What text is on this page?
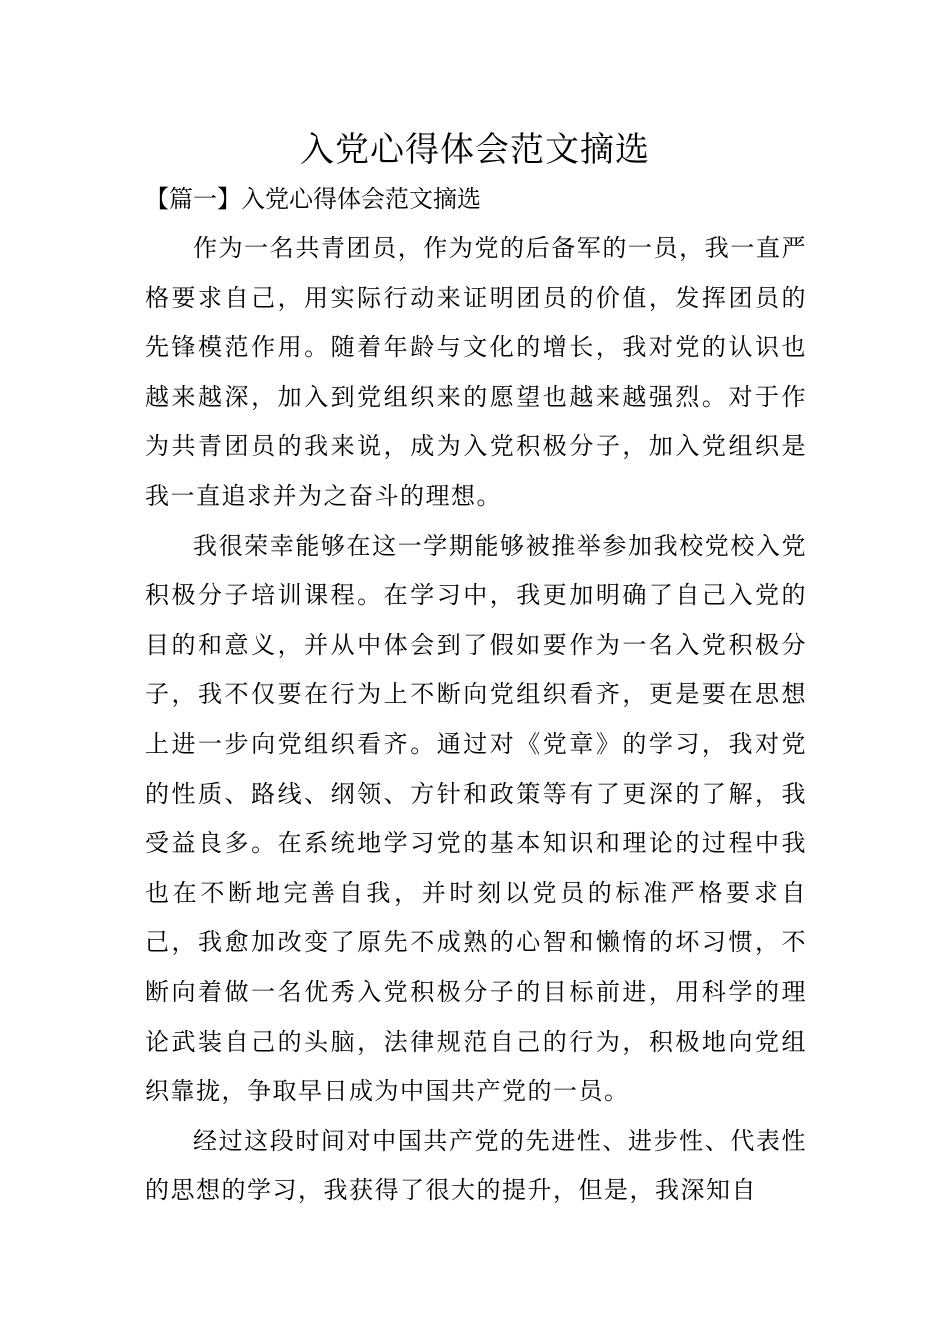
入党心得体会范文摘选
【篇一】入党心得体会范文摘选

作为一名共青团员，作为党的后备军的一员，我一直严格要求自己，用实际行动来证明团员的价值，发挥团员的先锋模范作用。随着年龄与文化的增长，我对党的认识也越来越深，加入到党组织来的愿望也越来越强烈。对于作为共青团员的我来说，成为入党积极分子，加入党组织是我一直追求并为之奋斗的理想。

我很荣幸能够在这一学期能够被推举参加我校党校入党积极分子培训课程。在学习中，我更加明确了自己入党的目的和意义，并从中体会到了假如要作为一名入党积极分子，我不仅要在行为上不断向党组织看齐，更是要在思想上进一步向党组织看齐。通过对《党章》的学习，我对党的性质、路线、纲领、方针和政策等有了更深的了解，我受益良多。在系统地学习党的基本知识和理论的过程中我也在不断地完善自我，并时刻以党员的标准严格要求自己，我愈加改变了原先不成熟的心智和懒惰的坏习惯，不断向着做一名优秀入党积极分子的目标前进，用科学的理论武装自己的头脑，法律规范自己的行为，积极地向党组织靠拢，争取早日成为中国共产党的一员。

经过这段时间对中国共产党的先进性、进步性、代表性的思想的学习，我获得了很大的提升，但是，我深知自
